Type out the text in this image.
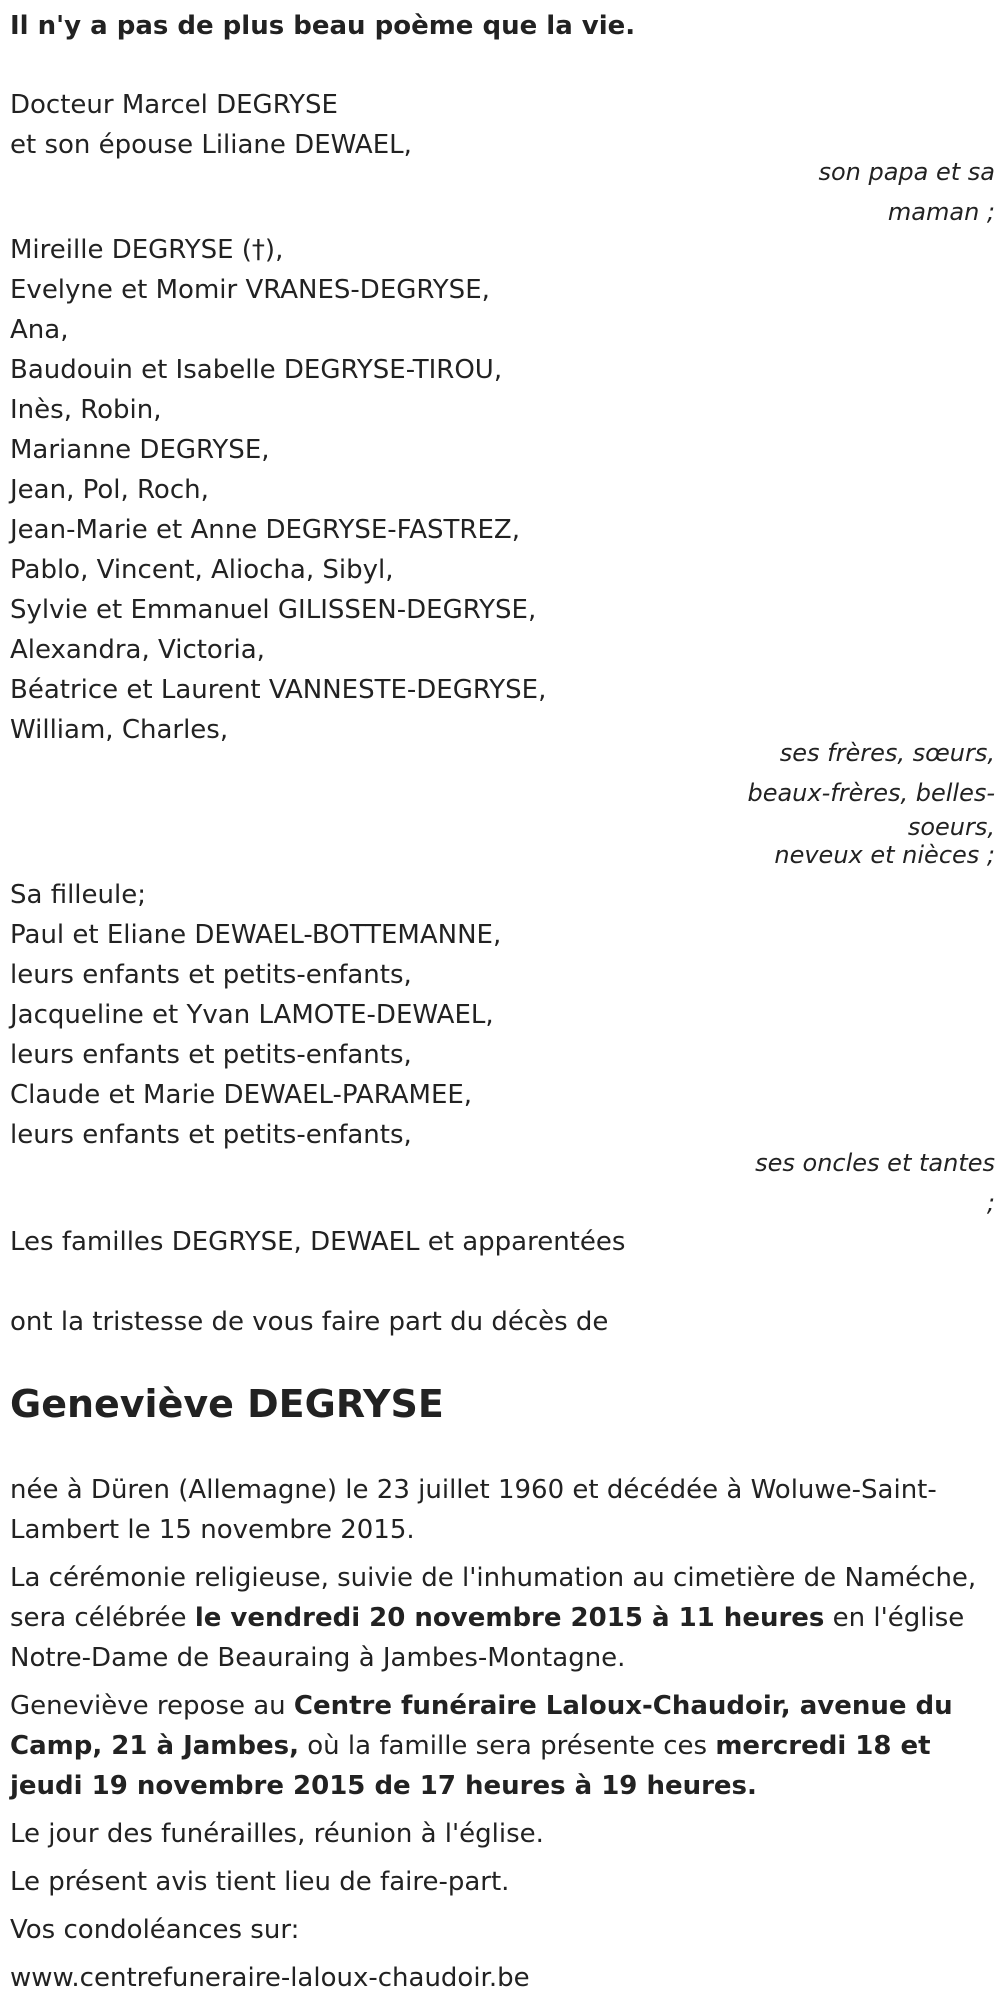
Il n'y a pas de plus beau poème que la vie.
Docteur Marcel DEGRYSE
et son épouse Liliane DEWAEL,
son papa et sa
maman ;
Mireille DEGRYSE (†),
Evelyne et Momir VRANES-DEGRYSE,
Ana,
Baudouin et Isabelle DEGRYSE-TIROU,
Inès, Robin,
Marianne DEGRYSE,
Jean, Pol, Roch,
Jean-Marie et Anne DEGRYSE-FASTREZ,
Pablo, Vincent, Aliocha, Sibyl,
Sylvie et Emmanuel GILISSEN-DEGRYSE,
Alexandra, Victoria,
Béatrice et Laurent VANNESTE-DEGRYSE,
William, Charles,
ses frères, sœurs,
beaux-frères, belles-
soeurs,
neveux et nièces ;
Sa filleule;
Paul et Eliane DEWAEL-BOTTEMANNE,
leurs enfants et petits-enfants,
Jacqueline et Yvan LAMOTE-DEWAEL,
leurs enfants et petits-enfants,
Claude et Marie DEWAEL-PARAMEE,
leurs enfants et petits-enfants,
ses oncles et tantes
;
Les familles DEGRYSE, DEWAEL et apparentées
ont la tristesse de vous faire part du décès de
Geneviève DEGRYSE

née à Düren (Allemagne) le 23 juillet 1960 et décédée à Woluwe-Saint-Lambert le 15 novembre 2015.

La cérémonie religieuse, suivie de l'inhumation au cimetière de Naméche, sera célébrée le vendredi 20 novembre 2015 à 11 heures en l'église Notre-Dame de Beauraing à Jambes-Montagne.

Geneviève repose au Centre funéraire Laloux-Chaudoir, avenue du Camp, 21 à Jambes, où la famille sera présente ces mercredi 18 et jeudi 19 novembre 2015 de 17 heures à 19 heures.

Le jour des funérailles, réunion à l'église.

Le présent avis tient lieu de faire-part.

Vos condoléances sur:

www.centrefuneraire-laloux-chaudoir.be
